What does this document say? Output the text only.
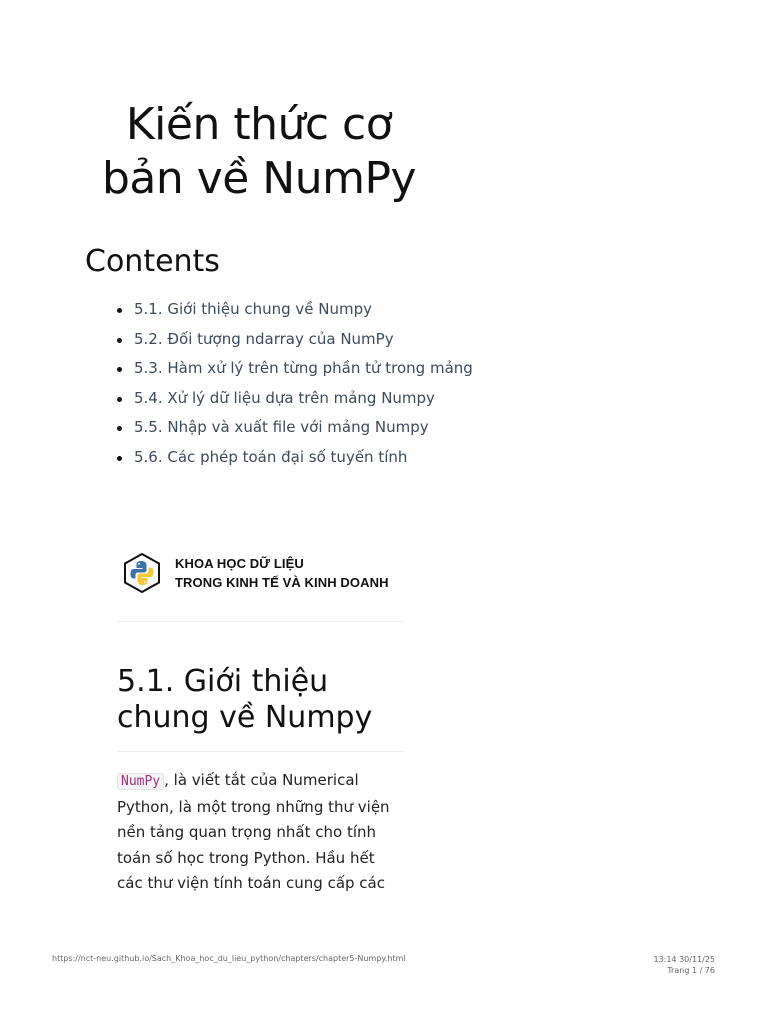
Kiến thức cơ
bản về NumPy
Contents
5.1. Giới thiệu chung về Numpy
5.2. Đối tượng ndarray của NumPy
5.3. Hàm xử lý trên từng phần tử trong mảng
5.4. Xử lý dữ liệu dựa trên mảng Numpy
5.5. Nhập và xuất file với mảng Numpy
5.6. Các phép toán đại số tuyến tính
KHOA HỌC DỮ LIỆU
TRONG KINH TẾ VÀ KINH DOANH
5.1. Giới thiệu
chung về Numpy

NumPy , là viết tắt của Numerical
Python, là một trong những thư viện
nền tảng quan trọng nhất cho tính
toán số học trong Python. Hầu hết
các thư viện tính toán cung cấp các

https://nct-neu.github.io/Sach_Khoa_hoc_du_lieu_python/chapters/chapter5-Numpy.html	13:14 30/11/25
Trang 1 / 76
